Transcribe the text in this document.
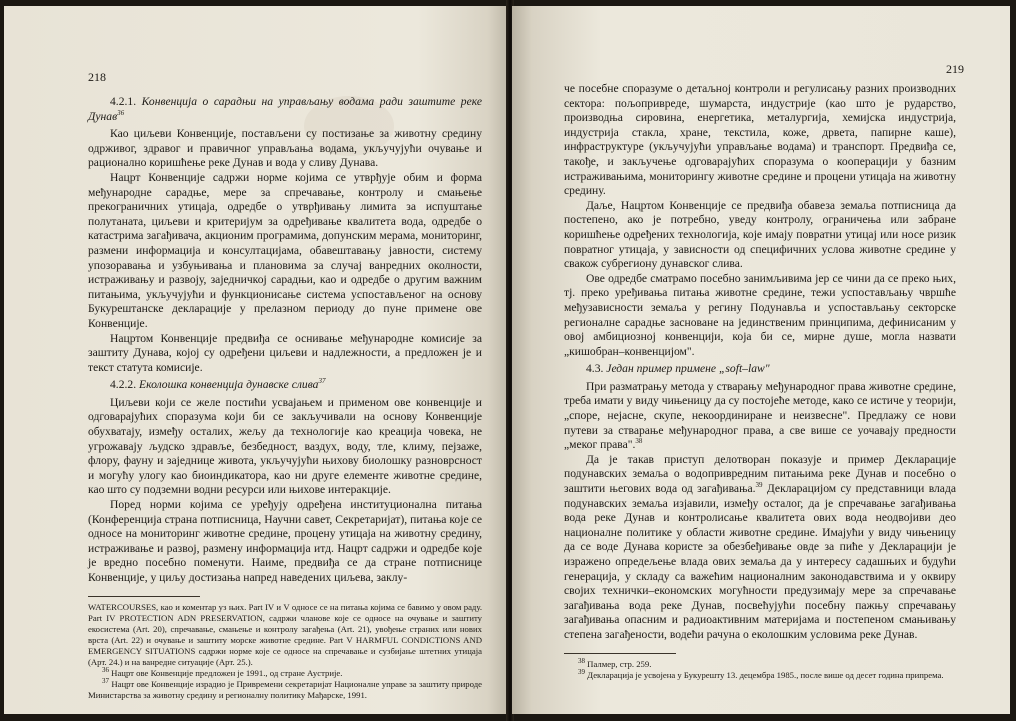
218
4.2.1. Конвенција о сарадњи на управљању водама ради заштите реке Дунав$^{36}$

Као циљеви Конвенције, постављени су постизање за животну средину одрживог, здравог и правичног управљања водама, укључујући очување и рационално коришћење реке Дунав и вода у сливу Дунава.

Нацрт Конвенције садржи норме којима се утврђује обим и форма међународне сарадње, мере за спречавање, контролу и смањење прекограничних утицаја, одредбе о утврђивању лимита за испуштање полутаната, циљеви и критеријум за одређивање квалитета вода, одредбе о катастрима загађивача, акционим програмима, допунским мерама, мониторинг, размени информација и консултацијама, обавештавању јавности, систему упозоравања и узбуњивања и плановима за случај ванредних околности, истраживању и развоју, заједничкој сарадњи, као и одредбе о другим важним питањима, укључујући и функционисање система успостављеног на основу Букурештанске декларације у прелазном периоду до пуне примене ове Конвенције.

Нацртом Конвенције предвиђа се оснивање међународне комисије за заштиту Дунава, којој су одређени циљеви и надлежности, а предложен је и текст статута комисије.

4.2.2. Еколошка конвенција дунавске слива$^{37}$

Циљеви који се желе постићи усвајањем и применом ове конвенције и одговарајућих споразума који би се закључивали на основу Конвенције обухватају, између осталих, жељу да технологије као креација човека, не угрожавају људско здравље, безбедност, ваздух, воду, тле, климу, пејзаже, флору, фауну и заједнице живота, укључујући њихову биолошку разноврсност и могућу улогу као биоиндикатора, као ни друге елементе животне средине, као што су подземни водни ресурси или њихове интеракције.

Поред норми којима се уређују одређена институционална питања (Конференција страна потписница, Научни савет, Секретаријат), питања које се односе на мониторинг животне средине, процену утицаја на животну средину, истраживање и развој, размену информација итд. Нацрт садржи и одредбе које је вредно посебно поменути. Наиме, предвиђа се да стране потписнице Конвенције, у циљу достизања напред наведених циљева, заклу-

WATERCOURSES, као и коментар уз њих. Part IV и V односе се на питања којима се бавимо у овом раду. Part IV PROTECTION ADN PRESERVATION, садржи чланове које се односе на очување и заштиту екосистема (Art. 20), спречавање, смањење и контролу загађења (Art. 21), увођење страних или нових врста (Art. 22) и очување и заштиту морске животне средине. Part V HARMFUL CONDICTIONS AND EMERGENCY SITUATIONS садржи норме које се односе на спречавање и сузбијање штетних утицаја (Арт. 24.) и на ванредне ситуације (Арт. 25.).

$^{36}$ Нацрт ове Конвенције предложен је 1991., од стране Аустрије.

$^{37}$ Нацрт ове Конвенције израдио је Привремени секретаријат Националне управе за заштиту природе Министарства за животну средину и регионалну политику Мађарске, 1991.

219

че посебне споразуме о детаљној контроли и регулисању разних производних сектора: пољопривреде, шумарста, индустрије (као што је рударство, производња сировина, енергетика, металургија, хемијска индустрија, индустрија стакла, хране, текстила, коже, дрвета, папирне каше), инфраструктуре (укључујући управљање водама) и транспорт. Предвиђа се, такође, и закључење одговарајућих споразума о кооперацији у базним истраживањима, мониторингу животне средине и процени утицаја на животну средину.

Даље, Нацртом Конвенције се предвиђа обавеза земаља потписница да постепено, ако је потребно, уведу контролу, ограничења или забране коришћење одређених технологија, које имају повратни утицај или носе ризик повратног утицаја, у зависности од специфичних услова животне средине у свакож субрегиону дунавског слива.

Ове одредбе сматрамо посебно занимљивима јер се чини да се преко њих, тј. преко уређивања питања животне средине, тежи успостављању чвршће међузависности земаља у регину Подунавља и успостављању секторске регионалне сарадње засноване на јединственим принципима, дефинисаним у овој амбициозној конвенцији, која би се, мирне душе, могла назвати „кишобран–конвенцијом".

4.3. Један пример примене „soft–law"

При разматрању метода у стварању међународног права животне средине, треба имати у виду чињеницу да су постојеће методе, како се истиче у теорији, „споре, нејасне, скупе, некоординиране и неизвесне". Предлажу се нови путеви за стварање међународног права, а све више се уочавају предности „меког права".$^{38}$

Да је такав приступ делотворан показује и пример Декларације подунавских земаља о водопривредним питањима реке Дунав и посебно о заштити његових вода од загађивања.$^{39}$ Декларацијом су представници влада подунавских земаља изјавили, између осталог, да је спречавање загађивања вода реке Дунав и контролисање квалитета ових вода неодвојиви део националне политике у области животне средине. Имајући у виду чињеницу да се воде Дунава користе за обезбеђивање овде за пиће у Декларацији је изражено опредељење влада ових земаља да у интересу садашњих и будући генерација, у складу са важећим националним законодавствима и у оквиру својих технички–економских могућности предузимају мере за спречавање загађивања вода реке Дунав, посвећујући посебну пажњу спречавању загађивања опасним и радиоактивним материјама и постепеном смањивању степена загађености, водећи рачуна о еколошким условима реке Дунав.

$^{38}$ Палмер, стр. 259.

$^{39}$ Декларација је усвојена у Букурешту 13. децембра 1985., после више од десет година припрема.
